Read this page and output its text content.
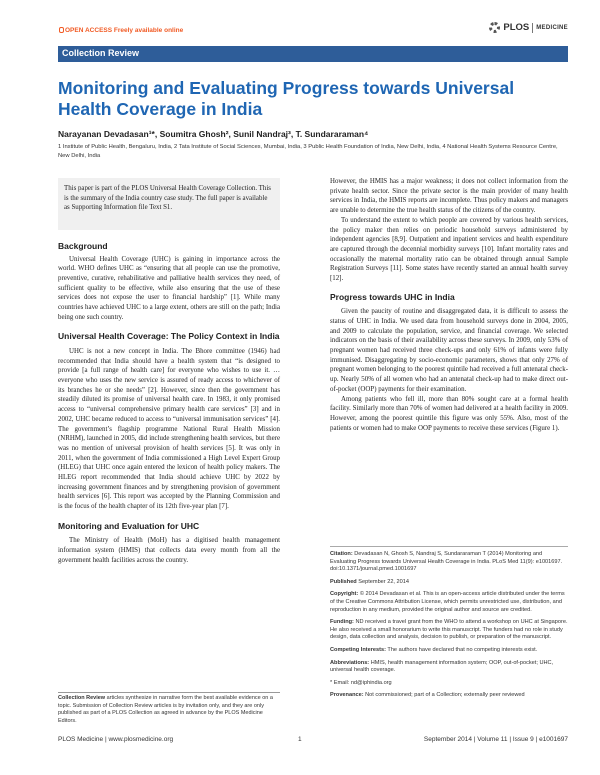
OPEN ACCESS Freely available online	PLOS MEDICINE
Collection Review
Monitoring and Evaluating Progress towards Universal Health Coverage in India
Narayanan Devadasan¹*, Soumitra Ghosh², Sunil Nandraj³, T. Sundararaman⁴
1 Institute of Public Health, Bengaluru, India, 2 Tata Institute of Social Sciences, Mumbai, India, 3 Public Health Foundation of India, New Delhi, India, 4 National Health Systems Resource Centre, New Delhi, India

This paper is part of the PLOS Universal Health Coverage Collection. This is the summary of the India country case study. The full paper is available as Supporting Information file Text S1.

Background

Universal Health Coverage (UHC) is gaining in importance across the world. WHO defines UHC as “ensuring that all people can use the promotive, preventive, curative, rehabilitative and palliative health services they need, of sufficient quality to be effective, while also ensuring that the use of these services does not expose the user to financial hardship” [1]. While many countries have achieved UHC to a large extent, others are still on the path; India being one such country.

Universal Health Coverage: The Policy Context in India

UHC is not a new concept in India. The Bhore committee (1946) had recommended that India should have a health system that “is designed to provide [a full range of health care] for everyone who wishes to use it. …everyone who uses the new service is assured of ready access to whichever of its branches he or she needs” [2]. However, since then the government has steadily diluted its promise of universal health care. In 1983, it only promised access to “universal comprehensive primary health care services” [3] and in 2002, UHC became reduced to access to “universal immunisation services” [4]. The government’s flagship programme National Rural Health Mission (NRHM), launched in 2005, did include strengthening health services, but there was no mention of universal provision of health services [5]. It was only in 2011, when the government of India commissioned a High Level Expert Group (HLEG) that UHC once again entered the lexicon of health policy makers. The HLEG report recommended that India should achieve UHC by 2022 by increasing government finances and by strengthening provision of government health services [6]. This report was accepted by the Planning Commission and is the focus of the health chapter of its 12th five-year plan [7].

Monitoring and Evaluation for UHC

The Ministry of Health (MoH) has a digitised health management information system (HMIS) that collects data every month from all the government health facilities across the country.

Collection Review articles synthesize in narrative form the best available evidence on a topic. Submission of Collection Review articles is by invitation only, and they are only published as part of a PLOS Collection as agreed in advance by the PLOS Medicine Editors.

However, the HMIS has a major weakness; it does not collect information from the private health sector. Since the private sector is the main provider of many health services in India, the HMIS reports are incomplete. Thus policy makers and managers are unable to determine the true health status of the citizens of the country.

To understand the extent to which people are covered by various health services, the policy maker then relies on periodic household surveys administered by independent agencies [8,9]. Outpatient and inpatient services and health expenditure are captured through the decennial morbidity surveys [10]. Infant mortality rates and occasionally the maternal mortality ratio can be obtained through annual Sample Registration Surveys [11]. Some states have recently started an annual health survey [12].

Progress towards UHC in India

Given the paucity of routine and disaggregated data, it is difficult to assess the status of UHC in India. We used data from household surveys done in 2004, 2005, and 2009 to calculate the population, service, and financial coverage. We selected indicators on the basis of their availability across these surveys. In 2009, only 53% of pregnant women had received three check-ups and only 61% of infants were fully immunised. Disaggregating by socio-economic parameters, shows that only 27% of pregnant women belonging to the poorest quintile had received a full antenatal check-up. Nearly 50% of all women who had an antenatal check-up had to make direct out-of-pocket (OOP) payments for their examination.

Among patients who fell ill, more than 80% sought care at a formal health facility. Similarly more than 70% of women had delivered at a health facility in 2009. However, among the poorest quintile this figure was only 55%. Also, most of the patients or women had to make OOP payments to receive these services (Figure 1).

Citation: Devadasan N, Ghosh S, Nandraj S, Sundararaman T (2014) Monitoring and Evaluating Progress towards Universal Health Coverage in India. PLoS Med 11(9): e1001697. doi:10.1371/journal.pmed.1001697

Published September 22, 2014

Copyright: © 2014 Devadasan et al. This is an open-access article distributed under the terms of the Creative Commons Attribution License, which permits unrestricted use, distribution, and reproduction in any medium, provided the original author and source are credited.

Funding: ND received a travel grant from the WHO to attend a workshop on UHC at Singapore. He also received a small honorarium to write this manuscript. The funders had no role in study design, data collection and analysis, decision to publish, or preparation of the manuscript.

Competing Interests: The authors have declared that no competing interests exist.

Abbreviations: HMIS, health management information system; OOP, out-of-pocket; UHC, universal health coverage.

* Email: nd@iphindia.org

Provenance: Not commissioned; part of a Collection; externally peer reviewed

PLOS Medicine | www.plosmedicine.org	1	September 2014 | Volume 11 | Issue 9 | e1001697
